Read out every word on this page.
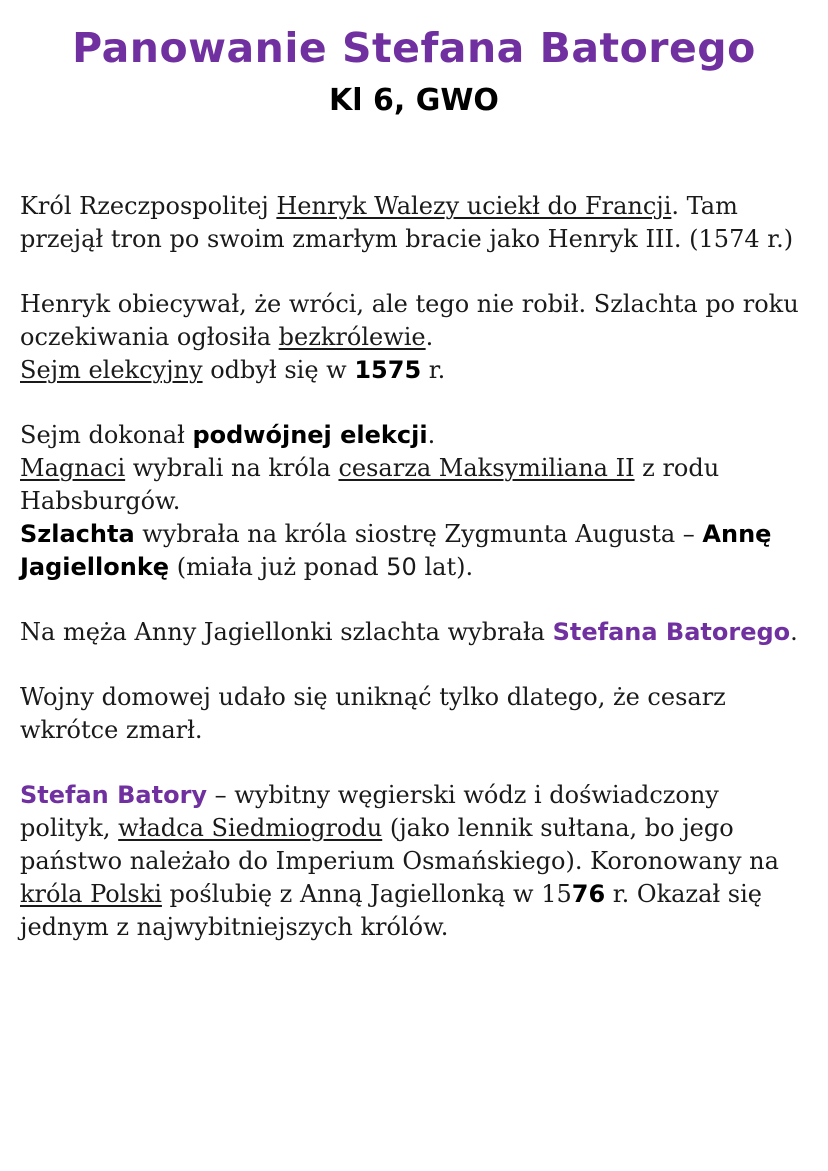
Panowanie Stefana Batorego
Kl 6, GWO

Król Rzeczpospolitej Henryk Walezy uciekł do Francji. Tam przejął tron po swoim zmarłym bracie jako Henryk III. (1574 r.)

Henryk obiecywał, że wróci, ale tego nie robił. Szlachta po roku oczekiwania ogłosiła bezkrólewie.
Sejm elekcyjny odbył się w 1575 r.

Sejm dokonał podwójnej elekcji.
Magnaci wybrali na króla cesarza Maksymiliana II z rodu Habsburgów.
Szlachta wybrała na króla siostrę Zygmunta Augusta – Annę Jagiellonkę (miała już ponad 50 lat).

Na męża Anny Jagiellonki szlachta wybrała Stefana Batorego.

Wojny domowej udało się uniknąć tylko dlatego, że cesarz wkrótce zmarł.

Stefan Batory – wybitny węgierski wódz i doświadczony polityk, władca Siedmiogrodu (jako lennik sułtana, bo jego państwo należało do Imperium Osmańskiego). Koronowany na króla Polski poślubię z Anną Jagiellonką w 1576 r. Okazał się jednym z najwybitniejszych królów.
